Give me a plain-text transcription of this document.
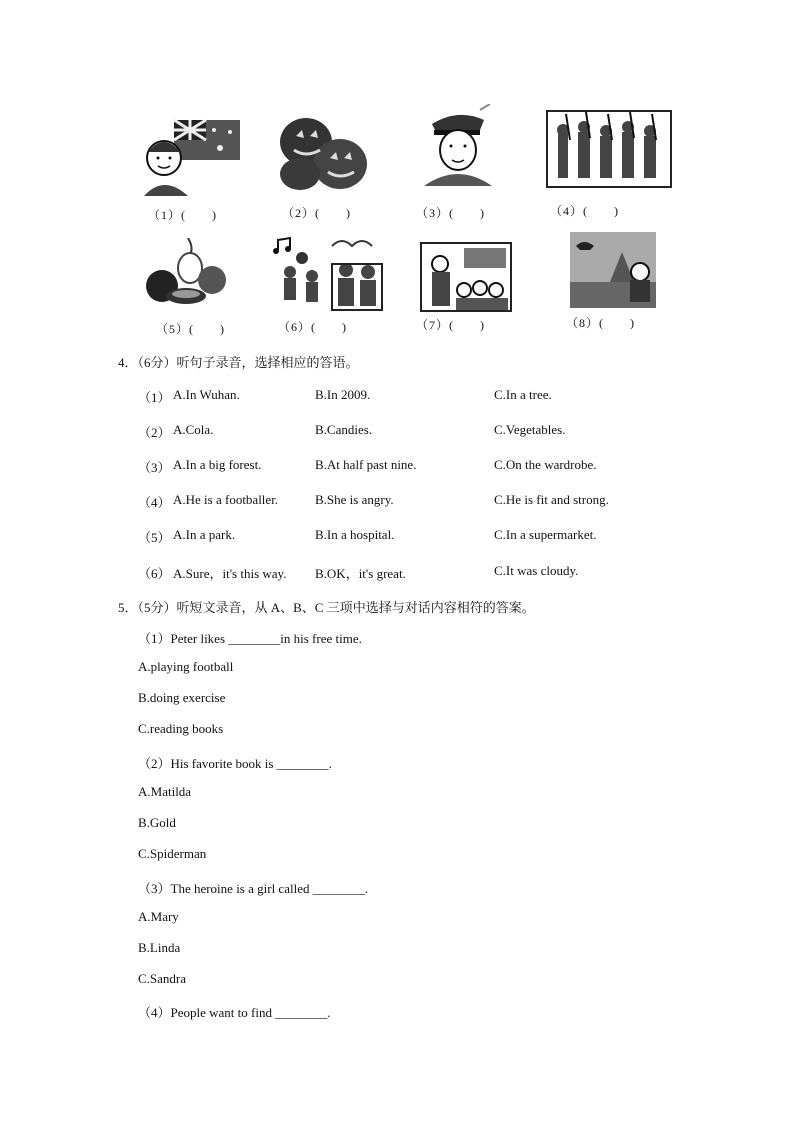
（1）(　　)	（2）(　　)	（3）(　　)	（4）(　　)
（5）(　　)	（6）(　　)	（7）(　　)	（8）(　　)
4．（6分）听句子录音，选择相应的答语。
（1） A.In Wuhan.	B.In 2009.	C.In a tree.
（2） A.Cola.	B.Candies.	C.Vegetables.
（3） A.In a big forest.	B.At half past nine.	C.On the wardrobe.
（4） A.He is a footballer.	B.She is angry.	C.He is fit and strong.
（5） A.In a park.	B.In a hospital.	C.In a supermarket.
（6） A.Sure，it's this way. B.OK，it's great.	C.It was cloudy.
5．（5分）听短文录音，从 A、B、C 三项中选择与对话内容相符的答案。
（1）Peter likes ________in his free time.
A.playing football
B.doing exercise
C.reading books
（2）His favorite book is ________.
A.Matilda
B.Gold
C.Spiderman
（3）The heroine is a girl called ________.
A.Mary
B.Linda
C.Sandra
（4）People want to find ________.
